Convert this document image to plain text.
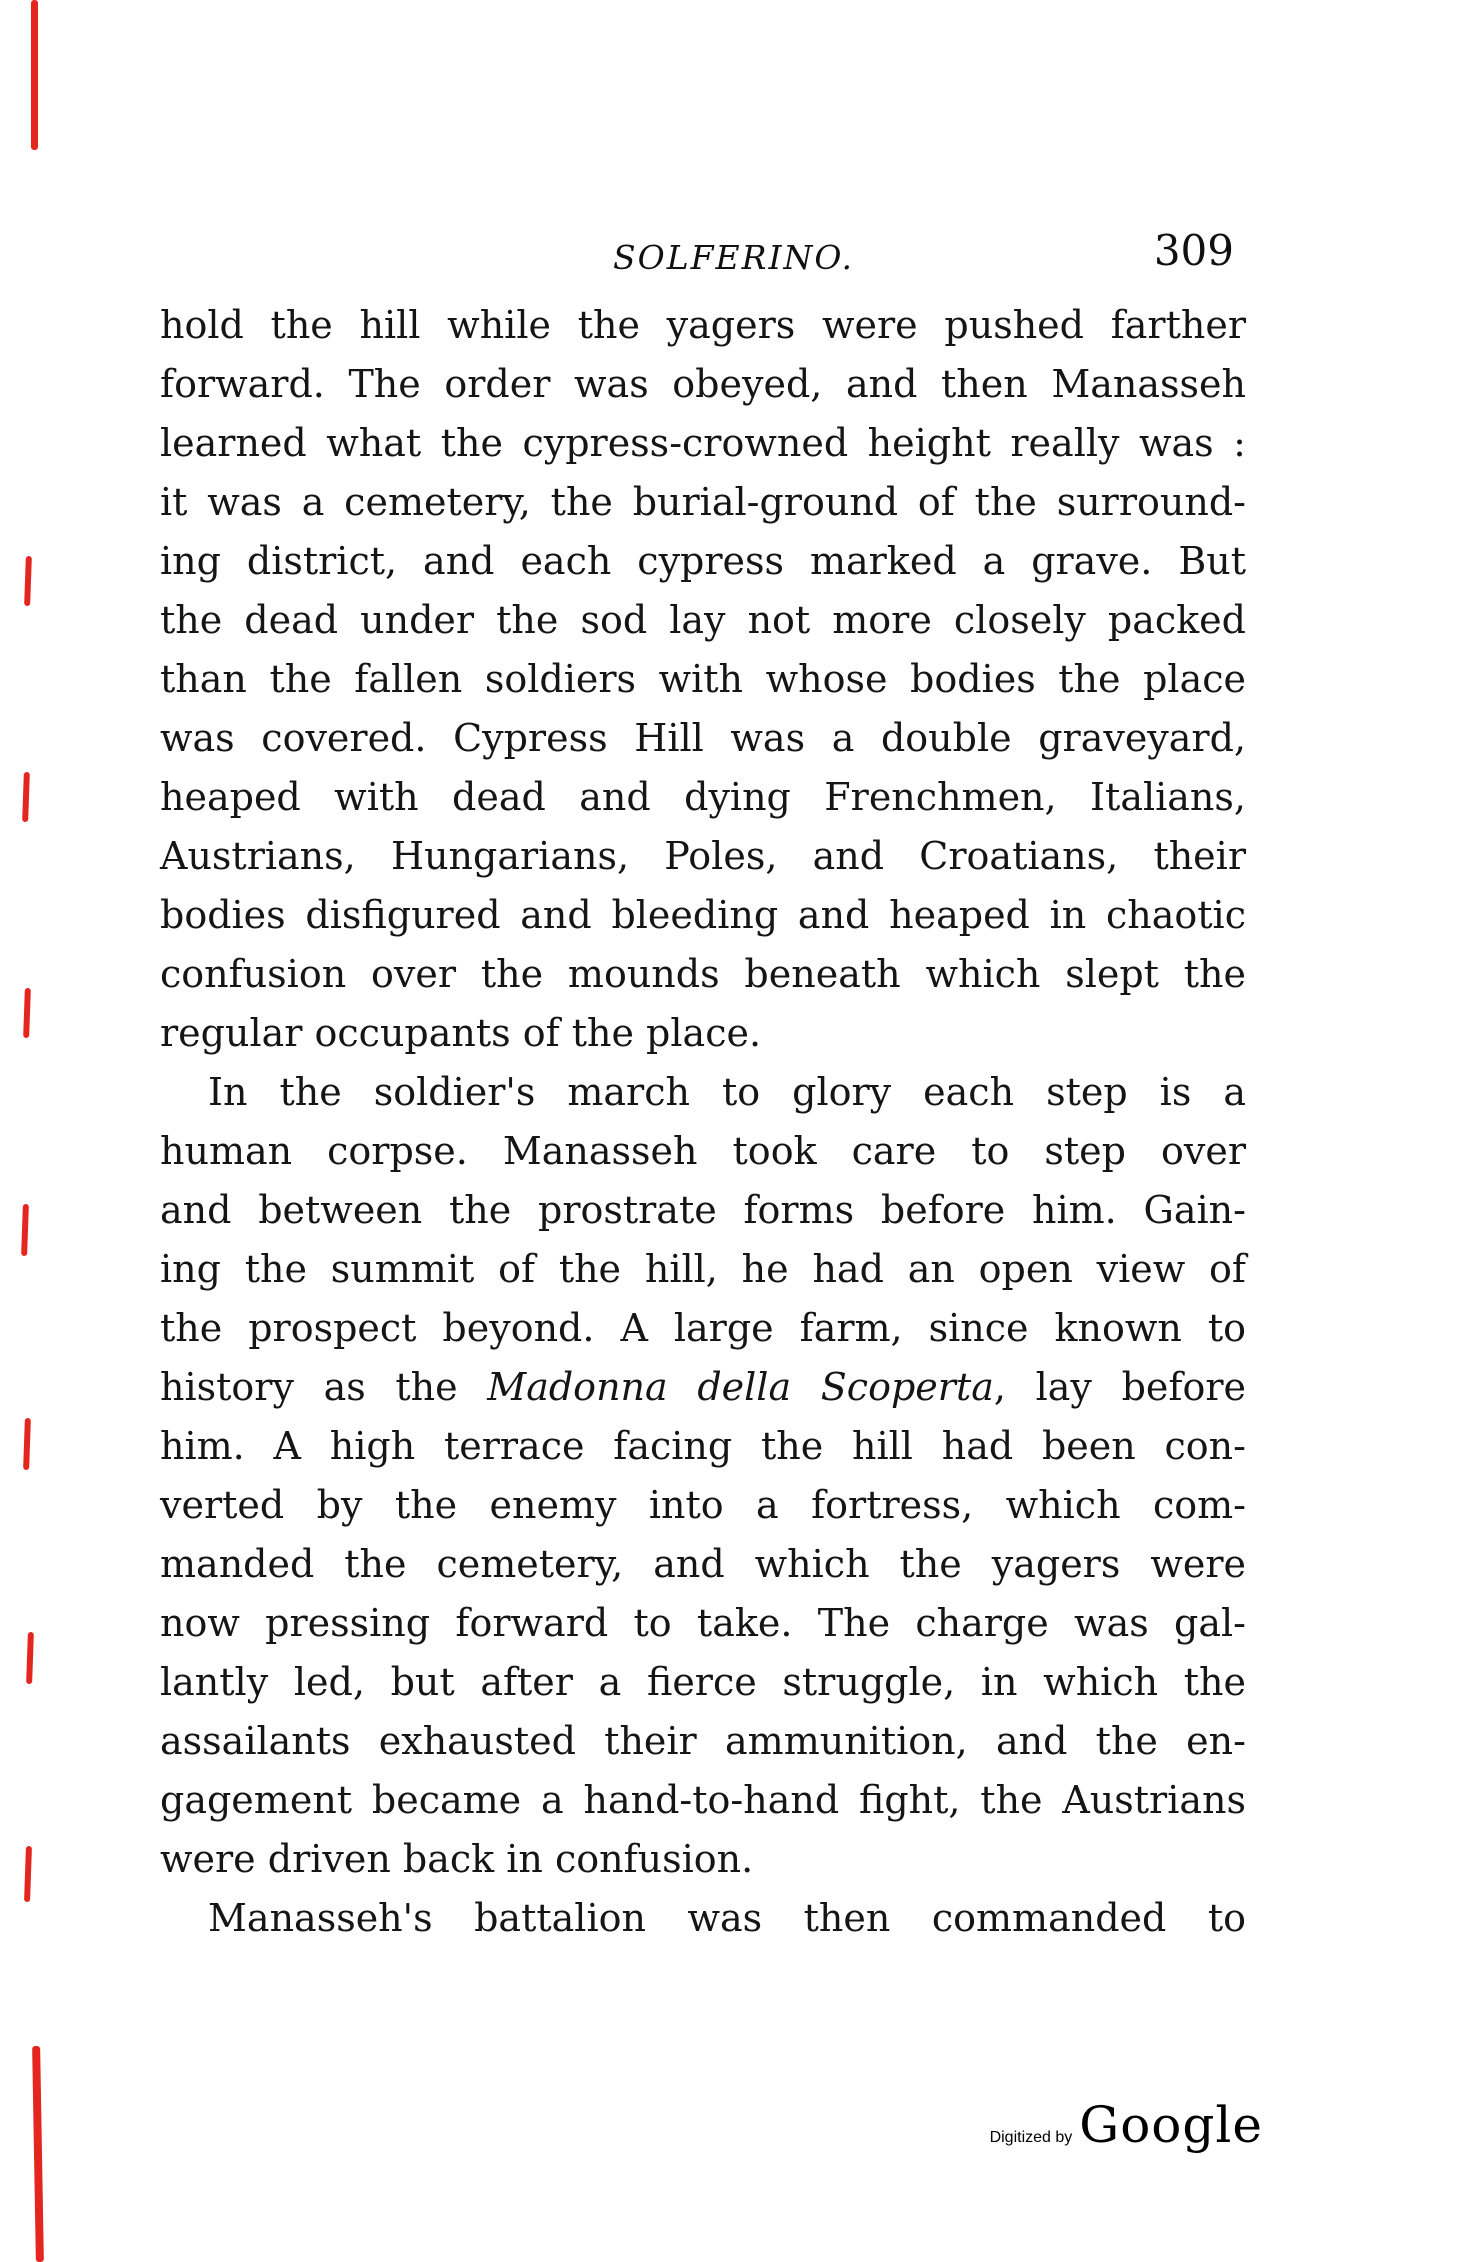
SOLFERINO.	309
hold the hill while the yagers were pushed farther
forward. The order was obeyed, and then Manasseh
learned what the cypress-crowned height really was :
it was a cemetery, the burial-ground of the surround-
ing district, and each cypress marked a grave. But
the dead under the sod lay not more closely packed
than the fallen soldiers with whose bodies the place
was covered. Cypress Hill was a double graveyard,
heaped with dead and dying Frenchmen, Italians,
Austrians, Hungarians, Poles, and Croatians, their
bodies disfigured and bleeding and heaped in chaotic
confusion over the mounds beneath which slept the
regular occupants of the place.
In the soldier's march to glory each step is a
human corpse. Manasseh took care to step over
and between the prostrate forms before him. Gain-
ing the summit of the hill, he had an open view of
the prospect beyond. A large farm, since known to
history as the Madonna della Scoperta, lay before
him. A high terrace facing the hill had been con-
verted by the enemy into a fortress, which com-
manded the cemetery, and which the yagers were
now pressing forward to take. The charge was gal-
lantly led, but after a fierce struggle, in which the
assailants exhausted their ammunition, and the en-
gagement became a hand-to-hand fight, the Austrians
were driven back in confusion.
Manasseh's battalion was then commanded to
Digitized by Google
